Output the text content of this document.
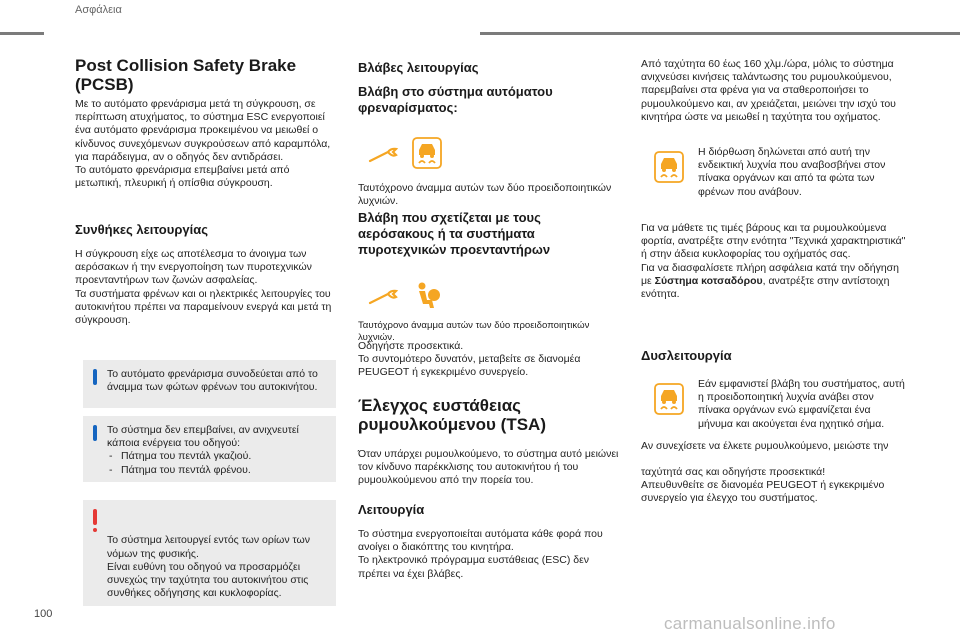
Ασφάλεια
Post Collision Safety Brake (PCSB)

Με το αυτόματο φρενάρισμα μετά τη σύγκρουση, σε περίπτωση ατυχήματος, το σύστημα ESC ενεργοποιεί ένα αυτόματο φρενάρισμα προκειμένου να μειωθεί ο κίνδυνος συνεχόμενων συγκρούσεων από καραμπόλα, για παράδειγμα, αν ο οδηγός δεν αντιδράσει.
Το αυτόματο φρενάρισμα επεμβαίνει μετά από μετωπική, πλευρική ή οπίσθια σύγκρουση.

Συνθήκες λειτουργίας

Η σύγκρουση είχε ως αποτέλεσμα το άνοιγμα των αερόσακων ή την ενεργοποίηση των πυροτεχνικών προενταντήρων των ζωνών ασφαλείας.
Τα συστήματα φρένων και οι ηλεκτρικές λειτουργίες του αυτοκινήτου πρέπει να παραμείνουν ενεργά και μετά τη σύγκρουση.

Το αυτόματο φρενάρισμα συνοδεύεται από το άναμμα των φώτων φρένων του αυτοκινήτου.
Το σύστημα δεν επεμβαίνει, αν ανιχνευτεί κάποια ενέργεια του οδηγού:
- Πάτημα του πεντάλ γκαζιού.
- Πάτημα του πεντάλ φρένου.

Το σύστημα λειτουργεί εντός των ορίων των νόμων της φυσικής.
Είναι ευθύνη του οδηγού να προσαρμόζει συνεχώς την ταχύτητα του αυτοκινήτου στις συνθήκες οδήγησης και κυκλοφορίας.

Βλάβες λειτουργίας
Βλάβη στο σύστημα αυτόματου φρεναρίσματος:

Ταυτόχρονο άναμμα αυτών των δύο προειδοποιητικών λυχνιών.

Βλάβη που σχετίζεται με τους αερόσακους ή τα συστήματα πυροτεχνικών προενταντήρων

Ταυτόχρονο άναμμα αυτών των δύο προειδοποιητικών λυχνιών.

Οδηγήστε προσεκτικά.
Το συντομότερο δυνατόν, μεταβείτε σε διανομέα PEUGEOT ή εγκεκριμένο συνεργείο.

Έλεγχος ευστάθειας ρυμουλκούμενου (TSA)

Όταν υπάρχει ρυμουλκούμενο, το σύστημα αυτό μειώνει τον κίνδυνο παρέκκλισης του αυτοκινήτου ή του ρυμουλκούμενου από την πορεία του.

Λειτουργία

Το σύστημα ενεργοποιείται αυτόματα κάθε φορά που ανοίγει ο διακόπτης του κινητήρα.
Το ηλεκτρονικό πρόγραμμα ευστάθειας (ESC) δεν πρέπει να έχει βλάβες.

Από ταχύτητα 60 έως 160 χλμ./ώρα, μόλις το σύστημα ανιχνεύσει κινήσεις ταλάντωσης του ρυμουλκούμενου, παρεμβαίνει στα φρένα για να σταθεροποιήσει το ρυμουλκούμενο και, αν χρειάζεται, μειώνει την ισχύ του κινητήρα ώστε να μειωθεί η ταχύτητα του οχήματος.

Η διόρθωση δηλώνεται από αυτή την ενδεικτική λυχνία που αναβοσβήνει στον πίνακα οργάνων και από τα φώτα των φρένων που ανάβουν.

Για να μάθετε τις τιμές βάρους και τα ρυμουλκούμενα φορτία, ανατρέξτε στην ενότητα "Τεχνικά χαρακτηριστικά" ή στην άδεια κυκλοφορίας του οχήματός σας.
Για να διασφαλίσετε πλήρη ασφάλεια κατά την οδήγηση με Σύστημα κοτσαδόρου, ανατρέξτε στην αντίστοιχη ενότητα.

Δυσλειτουργία

Εάν εμφανιστεί βλάβη του συστήματος, αυτή η προειδοποιητική λυχνία ανάβει στον πίνακα οργάνων ενώ εμφανίζεται ένα μήνυμα και ακούγεται ένα ηχητικό σήμα.

Αν συνεχίσετε να έλκετε ρυμουλκούμενο, μειώστε την

ταχύτητά σας και οδηγήστε προσεκτικά!
Απευθυνθείτε σε διανομέα PEUGEOT ή εγκεκριμένο συνεργείο για έλεγχο του συστήματος.

100	carmanualsonline.info
